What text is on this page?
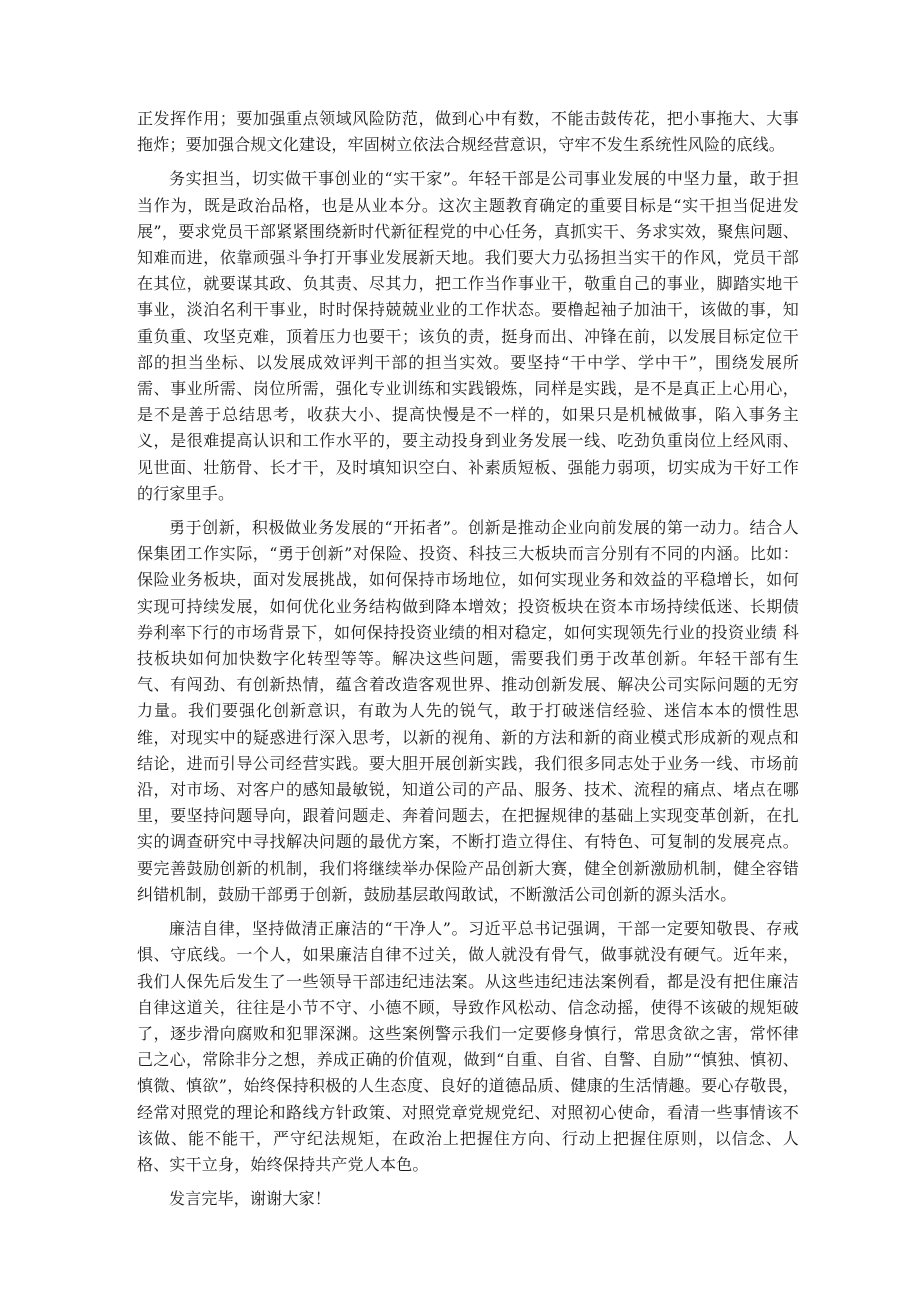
正发挥作用；要加强重点领域风险防范，做到心中有数，不能击鼓传花，把小事拖大、大事拖炸；要加强合规文化建设，牢固树立依法合规经营意识，守牢不发生系统性风险的底线。

务实担当，切实做干事创业的“实干家”。年轻干部是公司事业发展的中坚力量，敢于担当作为，既是政治品格，也是从业本分。这次主题教育确定的重要目标是“实干担当促进发展”，要求党员干部紧紧围绕新时代新征程党的中心任务，真抓实干、务求实效，聚焦问题、知难而进，依靠顽强斗争打开事业发展新天地。我们要大力弘扬担当实干的作风，党员干部在其位，就要谋其政、负其责、尽其力，把工作当作事业干，敬重自己的事业，脚踏实地干事业，淡泊名利干事业，时时保持兢兢业业的工作状态。要橹起袖子加油干，该做的事，知重负重、攻坚克难，顶着压力也要干；该负的责，挺身而出、冲锋在前，以发展目标定位干部的担当坐标、以发展成效评判干部的担当实效。要坚持“干中学、学中干”，围绕发展所需、事业所需、岗位所需，强化专业训练和实践锻炼，同样是实践，是不是真正上心用心，是不是善于总结思考，收获大小、提高快慢是不一样的，如果只是机械做事，陷入事务主义，是很难提高认识和工作水平的，要主动投身到业务发展一线、吃劲负重岗位上经风雨、见世面、壮筋骨、长才干，及时填知识空白、补素质短板、强能力弱项，切实成为干好工作的行家里手。

勇于创新，积极做业务发展的“开拓者”。创新是推动企业向前发展的第一动力。结合人保集团工作实际，“勇于创新”对保险、投资、科技三大板块而言分别有不同的内涵。比如：保险业务板块，面对发展挑战，如何保持市场地位，如何实现业务和效益的平稳增长，如何实现可持续发展，如何优化业务结构做到降本增效；投资板块在资本市场持续低迷、长期债券利率下行的市场背景下，如何保持投资业绩的相对稳定，如何实现领先行业的投资业绩 科技板块如何加快数字化转型等等。解决这些问题，需要我们勇于改革创新。年轻干部有生气、有闯劲、有创新热情，蕴含着改造客观世界、推动创新发展、解决公司实际问题的无穷力量。我们要强化创新意识，有敢为人先的锐气，敢于打破迷信经验、迷信本本的惯性思维，对现实中的疑惑进行深入思考，以新的视角、新的方法和新的商业模式形成新的观点和结论，进而引导公司经营实践。要大胆开展创新实践，我们很多同志处于业务一线、市场前沿，对市场、对客户的感知最敏锐，知道公司的产品、服务、技术、流程的痛点、堵点在哪里，要坚持问题导向，跟着问题走、奔着问题去，在把握规律的基础上实现变革创新，在扎实的调查研究中寻找解决问题的最优方案，不断打造立得住、有特色、可复制的发展亮点。要完善鼓励创新的机制，我们将继续举办保险产品创新大赛，健全创新激励机制，健全容错纠错机制，鼓励干部勇于创新，鼓励基层敢闯敢试，不断激活公司创新的源头活水。

廉洁自律，坚持做清正廉洁的“干净人”。习近平总书记强调，干部一定要知敬畏、存戒惧、守底线。一个人，如果廉洁自律不过关，做人就没有骨气，做事就没有硬气。近年来，我们人保先后发生了一些领导干部违纪违法案。从这些违纪违法案例看，都是没有把住廉洁自律这道关，往往是小节不守、小德不顾，导致作风松动、信念动摇，使得不该破的规矩破了，逐步滑向腐败和犯罪深渊。这些案例警示我们一定要修身慎行，常思贪欲之害，常怀律己之心，常除非分之想，养成正确的价值观，做到“自重、自省、自警、自励”“慎独、慎初、慎微、慎欲”，始终保持积极的人生态度、良好的道德品质、健康的生活情趣。要心存敬畏，经常对照党的理论和路线方针政策、对照党章党规党纪、对照初心使命，看清一些事情该不该做、能不能干，严守纪法规矩，在政治上把握住方向、行动上把握住原则，以信念、人格、实干立身，始终保持共产党人本色。

发言完毕，谢谢大家！
